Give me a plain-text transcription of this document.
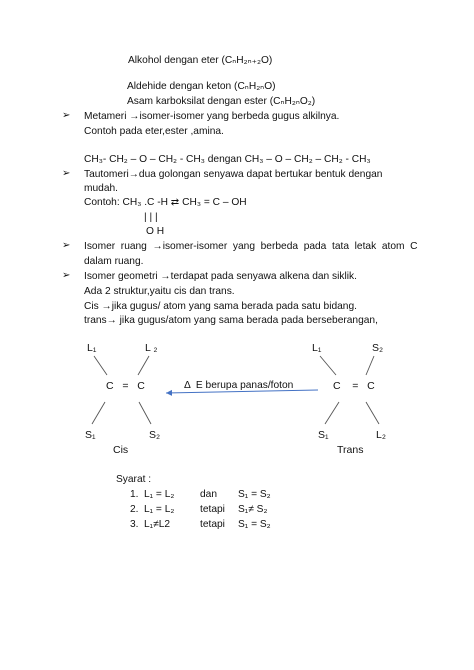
Alkohol dengan eter (CₙH₂ₙ₊₂O)
Aldehide dengan keton (CₙH₂ₙO)
Asam karboksilat dengan ester (CₙH₂ₙO₂)
➢ Metameri →isomer-isomer yang berbeda gugus alkilnya.
Contoh pada eter,ester ,amina.
CH₃- CH₂ – O – CH₂ - CH₃ dengan CH₃ – O – CH₂ – CH₂ - CH₃
➢ Tautomeri→dua golongan senyawa dapat bertukar bentuk dengan
mudah.
Contoh: CH₃ .C -H ⇄ CH₃ = C – OH
| | |
O H
➢ Isomer  ruang  →isomer-isomer  yang  berbeda  pada  tata  letak  atom  C
dalam ruang.
➢ Isomer geometri →terdapat pada senyawa alkena dan siklik.
Ada 2 struktur,yaitu cis dan trans.
Cis →jika gugus/ atom yang sama berada pada satu bidang.
trans→ jika gugus/atom yang sama berada pada berseberangan,
L₁	L ₂
C   =   C
S₁	S₂
Cis
Δ  E berupa panas/foton
L₁	S₂
C    =   C
S₁	L₂
Trans
Syarat :
1. L₁ = L₂	dan S₁ = S₂
2. L₁ = L₂	tetapi S₁≠ S₂
3. L₁≠L2	tetapi S₁ = S₂
